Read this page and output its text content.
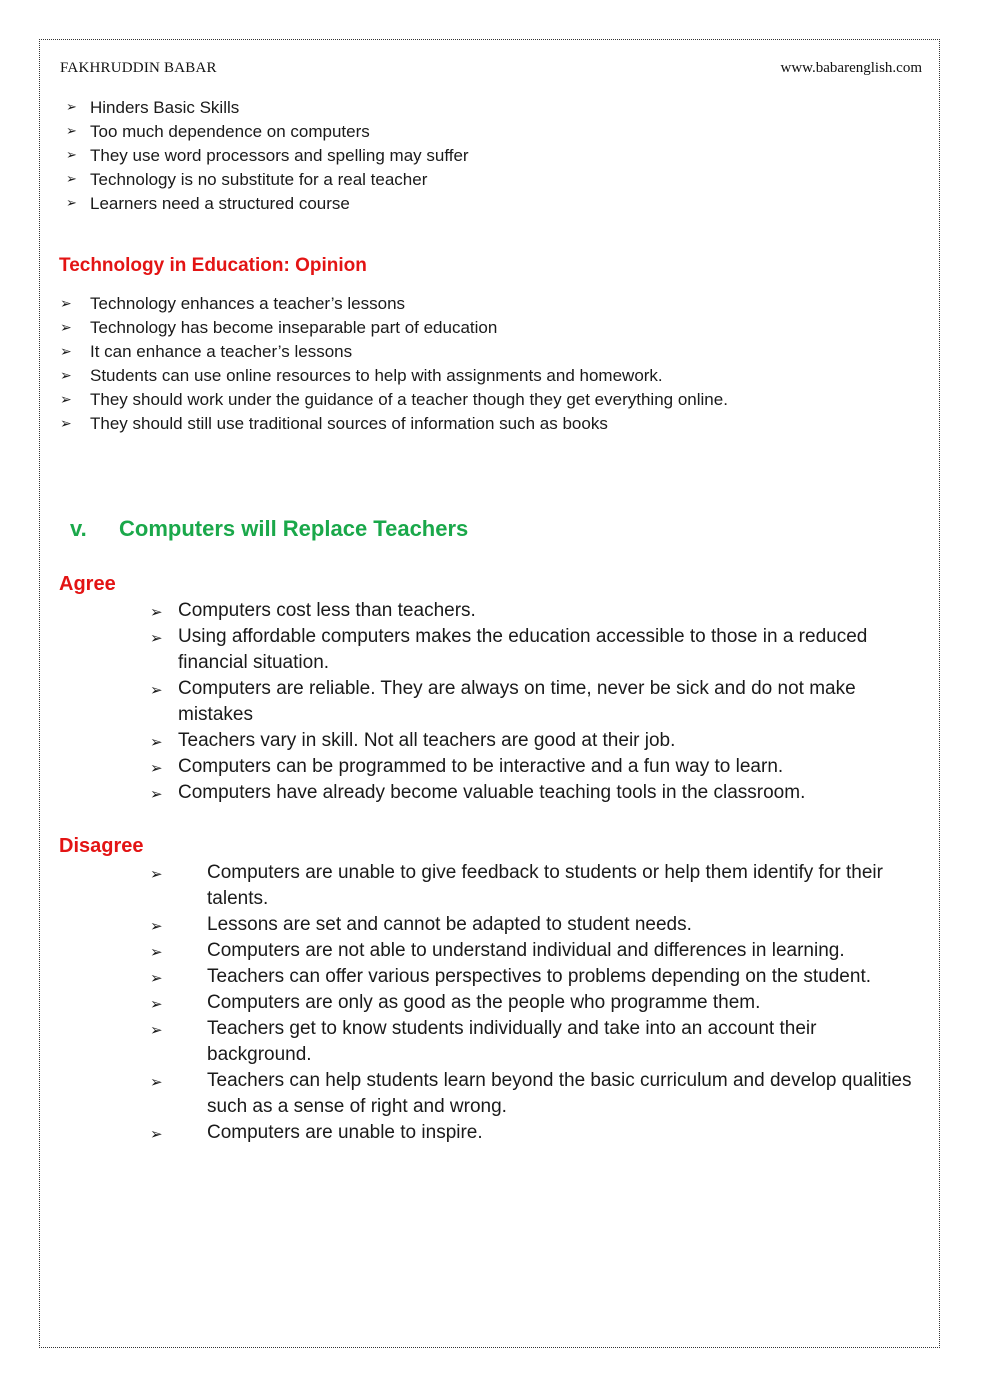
FAKHRUDDIN BABAR	www.babarenglish.com
➢ Hinders Basic Skills
➢ Too much dependence on computers
➢ They use word processors and spelling may suffer
➢ Technology is no substitute for a real teacher
➢ Learners need a structured course
Technology in Education: Opinion
➢ Technology enhances a teacher’s lessons
➢ Technology has become inseparable part of education
➢ It can enhance a teacher’s lessons
➢ Students can use online resources to help with assignments and homework.
➢ They should work under the guidance of a teacher though they get everything online.
➢ They should still use traditional sources of information such as books
v. Computers will Replace Teachers
Agree
➢ Computers cost less than teachers.
➢ Using affordable computers makes the education accessible to those in a reduced financial situation.
➢ Computers are reliable. They are always on time, never be sick and do not make mistakes
➢ Teachers vary in skill. Not all teachers are good at their job.
➢ Computers can be programmed to be interactive and a fun way to learn.
➢ Computers have already become valuable teaching tools in the classroom.
Disagree
➢ Computers are unable to give feedback to students or help them identify for their talents.
➢ Lessons are set and cannot be adapted to student needs.
➢ Computers are not able to understand individual and differences in learning.
➢ Teachers can offer various perspectives to problems depending on the student.
➢ Computers are only as good as the people who programme them.
➢ Teachers get to know students individually and take into an account their background.
➢ Teachers can help students learn beyond the basic curriculum and develop qualities such as a sense of right and wrong.
➢ Computers are unable to inspire.
